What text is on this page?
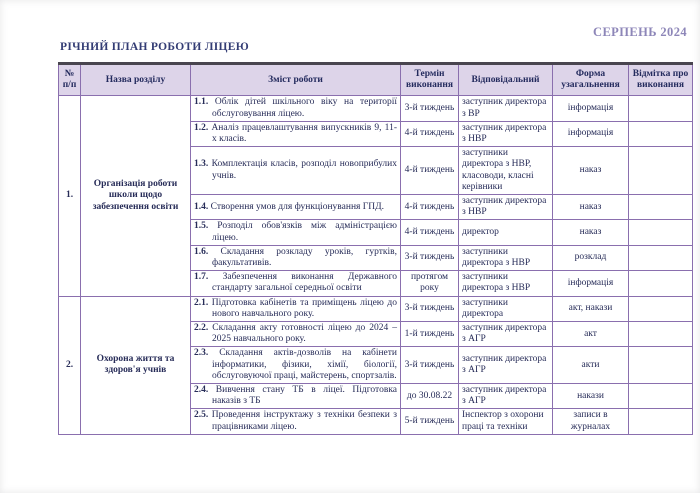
СЕРПЕНЬ 2024
РІЧНИЙ ПЛАН РОБОТИ ЛІЦЕЮ
№ п/п	Назва розділу	Зміст роботи	Термін виконання	Відповідальний	Форма узагальнення	Відмітка про виконання
1.	Організація роботи школи щодо забезпечення освіти	1.1. Облік дітей шкільного віку на території обслуговування ліцею.	3-й тиждень	заступник директора з ВР	інформація	

		1.2. Аналіз працевлаштування випускників 9, 11-х класів.	4-й тиждень	заступник директора з НВР	інформація	

		1.3. Комплектація класів, розподіл новоприбулих учнів.	4-й тиждень	заступники директора з НВР, класоводи, класні керівники	наказ	

		1.4. Створення умов для функціонування ГПД.	4-й тиждень	заступник директора з НВР	наказ	

		1.5. Розподіл обов'язків між адміністрацією ліцею.	4-й тиждень	директор	наказ	

		1.6. Складання розкладу уроків, гуртків, факультативів.	3-й тиждень	заступники директора з НВР	розклад	

		1.7. Забезпечення виконання Державного стандарту загальної середньої освіти	протягом року	заступники директора з НВР	інформація	
2.	Охорона життя та здоров'я учнів	2.1. Підготовка кабінетів та приміщень ліцею до нового навчального року.	3-й тиждень	заступники директора	акт, накази	

		2.2. Складання акту готовності ліцею до 2024 – 2025 навчального року.	1-й тиждень	заступник директора з АГР	акт	

		2.3. Складання актів-дозволів на кабінети інформатики, фізики, хімії, біології, обслуговуючої праці, майстерень, спортзалів.	3-й тиждень	заступник директора з АГР	акти	

		2.4. Вивчення стану ТБ в ліцеї. Підготовка наказів з ТБ	до 30.08.22	заступник директора з АГР	накази	

		2.5. Проведення інструктажу з техніки безпеки з працівниками ліцею.	5-й тиждень	Інспектор з охорони праці та техніки	записи в журналах	
